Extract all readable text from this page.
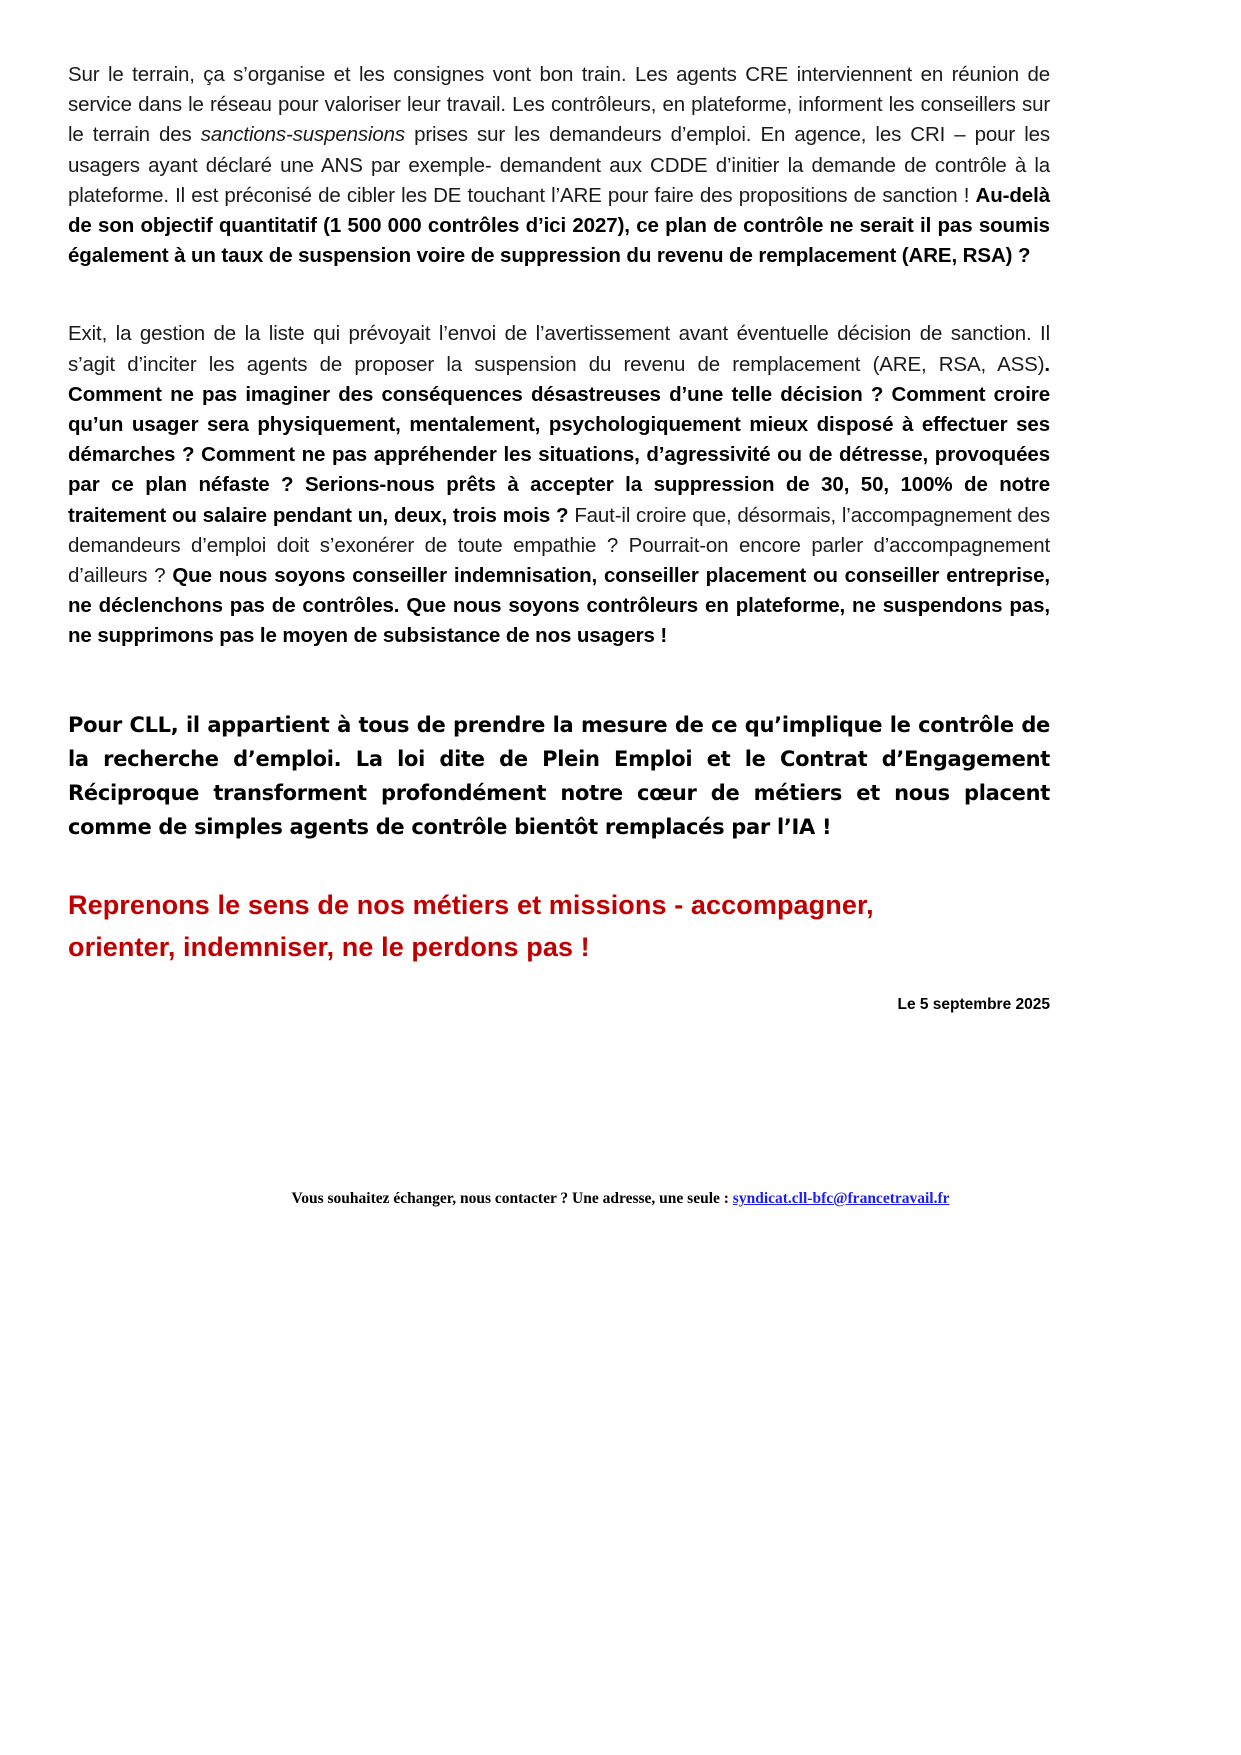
Sur le terrain, ça s’organise et les consignes vont bon train. Les agents CRE interviennent en réunion de service dans le réseau pour valoriser leur travail. Les contrôleurs, en plateforme, informent les conseillers sur le terrain des sanctions-suspensions prises sur les demandeurs d’emploi. En agence, les CRI – pour les usagers ayant déclaré une ANS par exemple- demandent aux CDDE d’initier la demande de contrôle à la plateforme. Il est préconisé de cibler les DE touchant l’ARE pour faire des propositions de sanction ! Au-delà de son objectif quantitatif (1 500 000 contrôles d’ici 2027), ce plan de contrôle ne serait il pas soumis également à un taux de suspension voire de suppression du revenu de remplacement (ARE, RSA) ?

Exit, la gestion de la liste qui prévoyait l’envoi de l’avertissement avant éventuelle décision de sanction. Il s’agit d’inciter les agents de proposer la suspension du revenu de remplacement (ARE, RSA, ASS). Comment ne pas imaginer des conséquences désastreuses d’une telle décision ? Comment croire qu’un usager sera physiquement, mentalement, psychologiquement mieux disposé à effectuer ses démarches ? Comment ne pas appréhender les situations, d’agressivité ou de détresse, provoquées par ce plan néfaste ? Serions-nous prêts à accepter la suppression de 30, 50, 100% de notre traitement ou salaire pendant un, deux, trois mois ? Faut-il croire que, désormais, l’accompagnement des demandeurs d’emploi doit s’exonérer de toute empathie ? Pourrait-on encore parler d’accompagnement d’ailleurs ? Que nous soyons conseiller indemnisation, conseiller placement ou conseiller entreprise, ne déclenchons pas de contrôles. Que nous soyons contrôleurs en plateforme, ne suspendons pas, ne supprimons pas le moyen de subsistance de nos usagers !

Pour CLL, il appartient à tous de prendre la mesure de ce qu’implique le contrôle de la recherche d’emploi. La loi dite de Plein Emploi et le Contrat d’Engagement Réciproque transforment profondément notre cœur de métiers et nous placent comme de simples agents de contrôle bientôt remplacés par l’IA !

Reprenons le sens de nos métiers et missions - accompagner,
orienter, indemniser, ne le perdons pas !

Le 5 septembre 2025

Vous souhaitez échanger, nous contacter ? Une adresse, une seule : syndicat.cll-bfc@francetravail.fr
